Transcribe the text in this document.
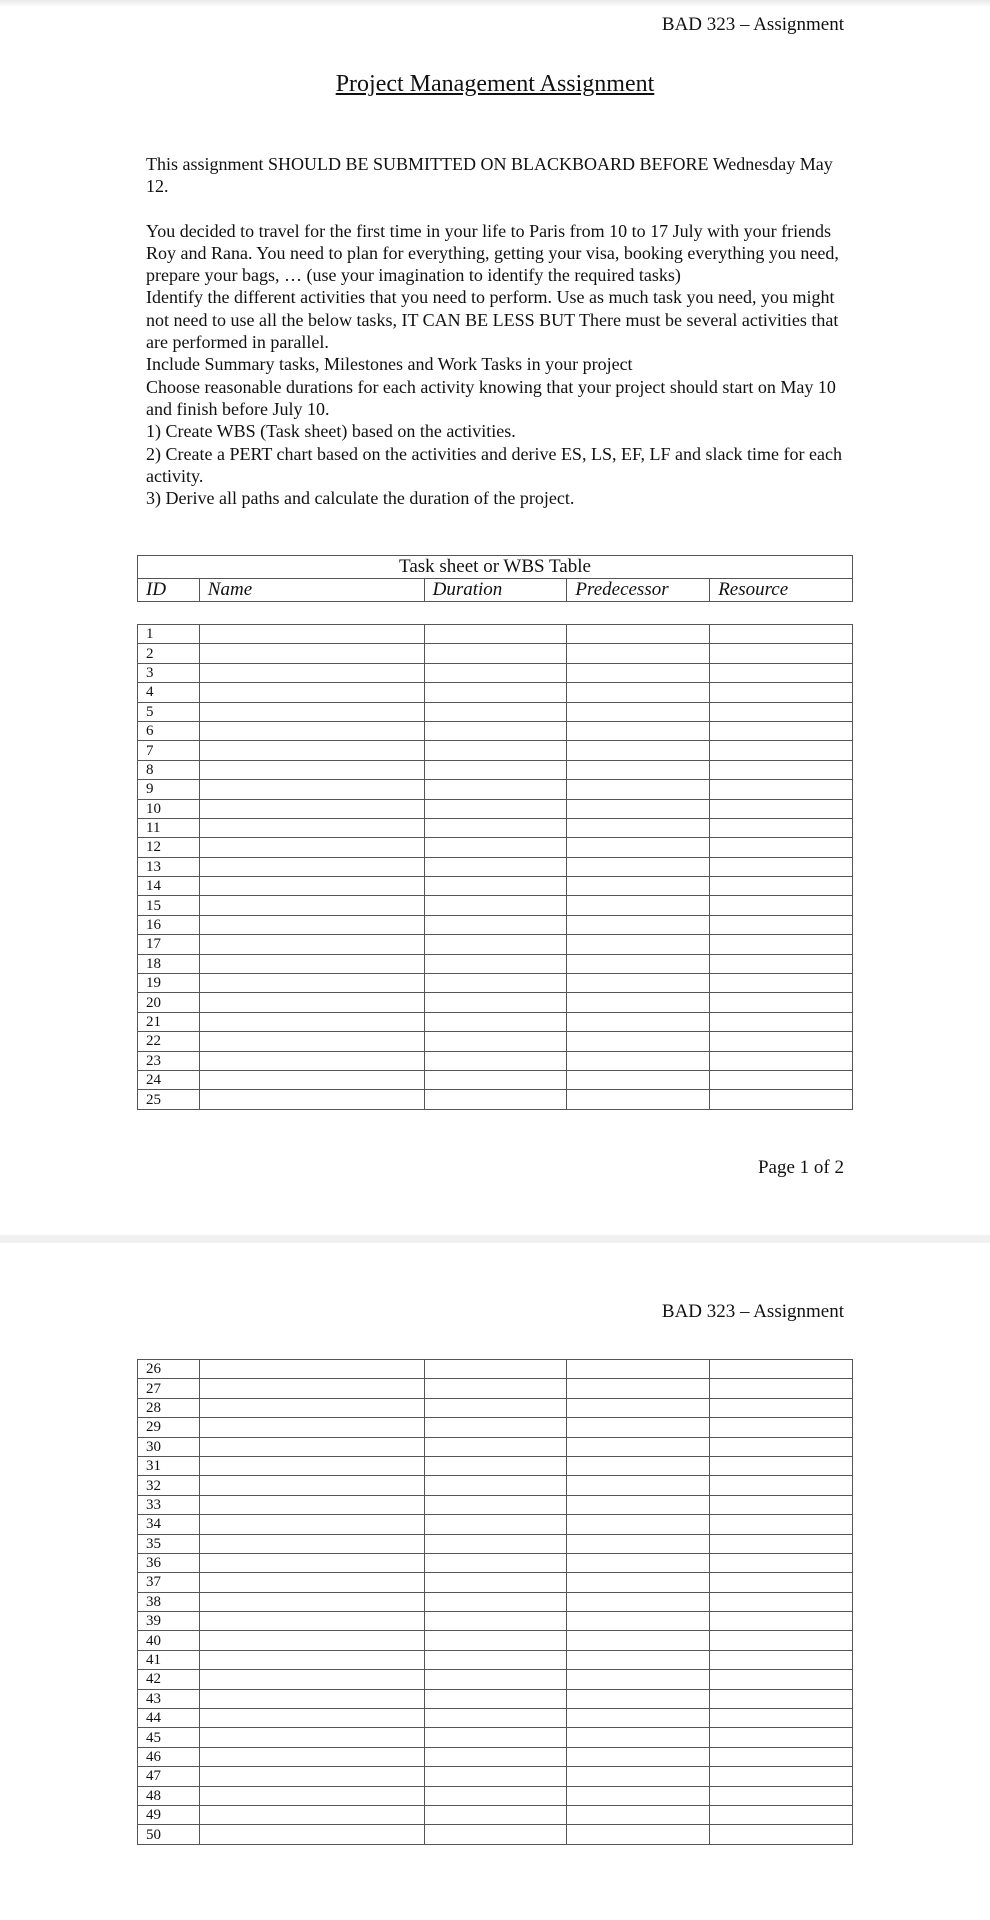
BAD 323 – Assignment
Project Management Assignment

This assignment SHOULD BE SUBMITTED ON BLACKBOARD BEFORE Wednesday May 12.

You decided to travel for the first time in your life to Paris from 10 to 17 July with your friends Roy and Rana. You need to plan for everything, getting your visa, booking everything you need, prepare your bags, … (use your imagination to identify the required tasks)

Identify the different activities that you need to perform. Use as much task you need, you might not need to use all the below tasks, IT CAN BE LESS BUT There must be several activities that are performed in parallel.

Include Summary tasks, Milestones and Work Tasks in your project

Choose reasonable durations for each activity knowing that your project should start on May 10 and finish before July 10.

1) Create WBS (Task sheet) based on the activities.

2) Create a PERT chart based on the activities and derive ES, LS, EF, LF and slack time for each activity.

3) Derive all paths and calculate the duration of the project.

Task sheet or WBS Table
ID	Name	Duration	Predecessor	Resource
1				
2				
3				
4				
5				
6				
7				
8				
9				
10				
11				
12				
13				
14				
15				
16				
17				
18				
19				
20				
21				
22				
23				
24				
25				
Page 1 of 2
BAD 323 – Assignment
26				
27				
28				
29				
30				
31				
32				
33				
34				
35				
36				
37				
38				
39				
40				
41				
42				
43				
44				
45				
46				
47				
48				
49				
50				
